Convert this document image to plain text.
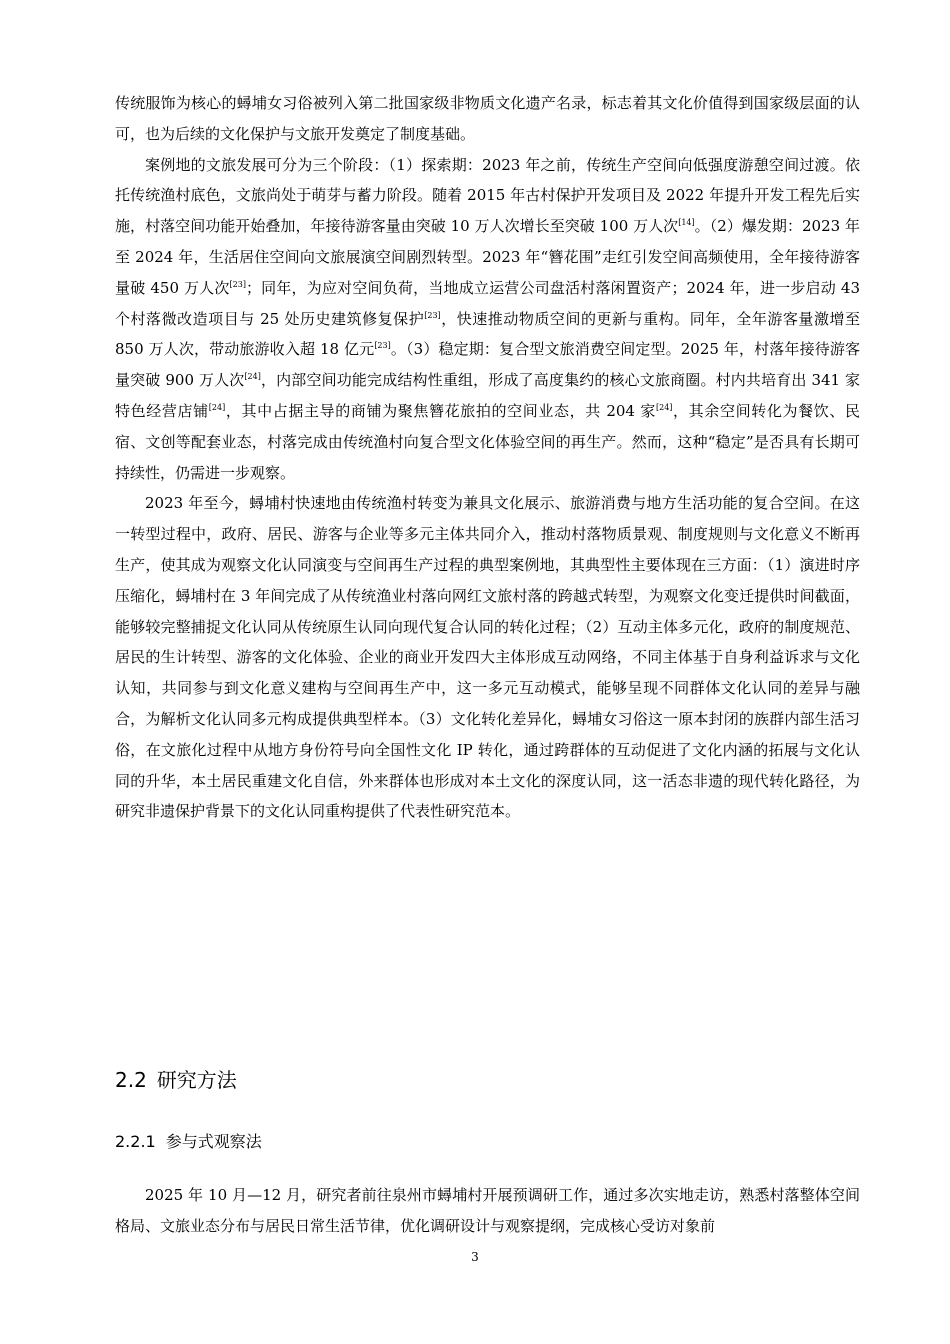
传统服饰为核心的蟳埔女习俗被列入第二批国家级非物质文化遗产名录，标志着其文化价值得到国家级层面的认可，也为后续的文化保护与文旅开发奠定了制度基础。

案例地的文旅发展可分为三个阶段：（1）探索期：2023 年之前，传统生产空间向低强度游憩空间过渡。依托传统渔村底色，文旅尚处于萌芽与蓄力阶段。随着 2015 年古村保护开发项目及 2022 年提升开发工程先后实施，村落空间功能开始叠加，年接待游客量由突破 10 万人次增长至突破 100 万人次[14]。（2）爆发期：2023 年至 2024 年，生活居住空间向文旅展演空间剧烈转型。2023 年“簪花围”走红引发空间高频使用，全年接待游客量破 450 万人次[23]；同年，为应对空间负荷，当地成立运营公司盘活村落闲置资产；2024 年，进一步启动 43 个村落微改造项目与 25 处历史建筑修复保护[23]，快速推动物质空间的更新与重构。同年，全年游客量激增至 850 万人次，带动旅游收入超 18 亿元[23]。（3）稳定期：复合型文旅消费空间定型。2025 年，村落年接待游客量突破 900 万人次[24]，内部空间功能完成结构性重组，形成了高度集约的核心文旅商圈。村内共培育出 341 家特色经营店铺[24]，其中占据主导的商铺为聚焦簪花旅拍的空间业态，共 204 家[24]，其余空间转化为餐饮、民宿、文创等配套业态，村落完成由传统渔村向复合型文化体验空间的再生产。然而，这种“稳定”是否具有长期可持续性，仍需进一步观察。

2023 年至今，蟳埔村快速地由传统渔村转变为兼具文化展示、旅游消费与地方生活功能的复合空间。在这一转型过程中，政府、居民、游客与企业等多元主体共同介入，推动村落物质景观、制度规则与文化意义不断再生产，使其成为观察文化认同演变与空间再生产过程的典型案例地，其典型性主要体现在三方面：（1）演进时序压缩化，蟳埔村在 3 年间完成了从传统渔业村落向网红文旅村落的跨越式转型，为观察文化变迁提供时间截面，能够较完整捕捉文化认同从传统原生认同向现代复合认同的转化过程；（2）互动主体多元化，政府的制度规范、居民的生计转型、游客的文化体验、企业的商业开发四大主体形成互动网络，不同主体基于自身利益诉求与文化认知，共同参与到文化意义建构与空间再生产中，这一多元互动模式，能够呈现不同群体文化认同的差异与融合，为解析文化认同多元构成提供典型样本。（3）文化转化差异化，蟳埔女习俗这一原本封闭的族群内部生活习俗，在文旅化过程中从地方身份符号向全国性文化 IP 转化，通过跨群体的互动促进了文化内涵的拓展与文化认同的升华，本土居民重建文化自信，外来群体也形成对本土文化的深度认同，这一活态非遗的现代转化路径，为研究非遗保护背景下的文化认同重构提供了代表性研究范本。

2.2 研究方法
2.2.1 参与式观察法

2025 年 10 月—12 月，研究者前往泉州市蟳埔村开展预调研工作，通过多次实地走访，熟悉村落整体空间格局、文旅业态分布与居民日常生活节律，优化调研设计与观察提纲，完成核心受访对象前

3
